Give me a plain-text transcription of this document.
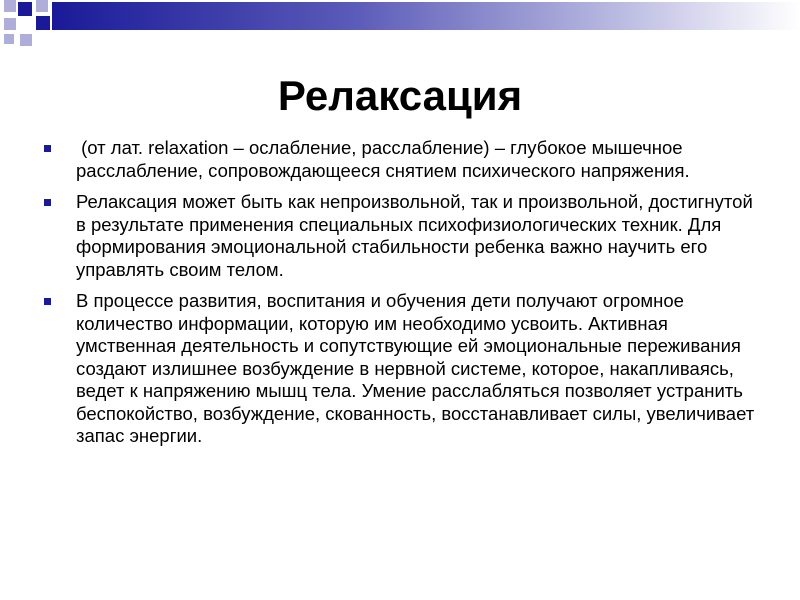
Релаксация
(от лат. relaxation – ослабление, расслабление) – глубокое мышечное расслабление, сопровождающееся снятием психического напряжения.
Релаксация может быть как непроизвольной, так и произвольной, достигнутой в результате применения специальных психофизиологических техник. Для формирования эмоциональной стабильности ребенка важно научить его управлять своим телом.
В процессе развития, воспитания и обучения дети получают огромное количество информации, которую им необходимо усвоить. Активная умственная деятельность и сопутствующие ей эмоциональные переживания создают излишнее возбуждение в нервной системе, которое, накапливаясь, ведет к напряжению мышц тела. Умение расслабляться позволяет устранить беспокойство, возбуждение, скованность, восстанавливает силы, увеличивает запас энергии.
